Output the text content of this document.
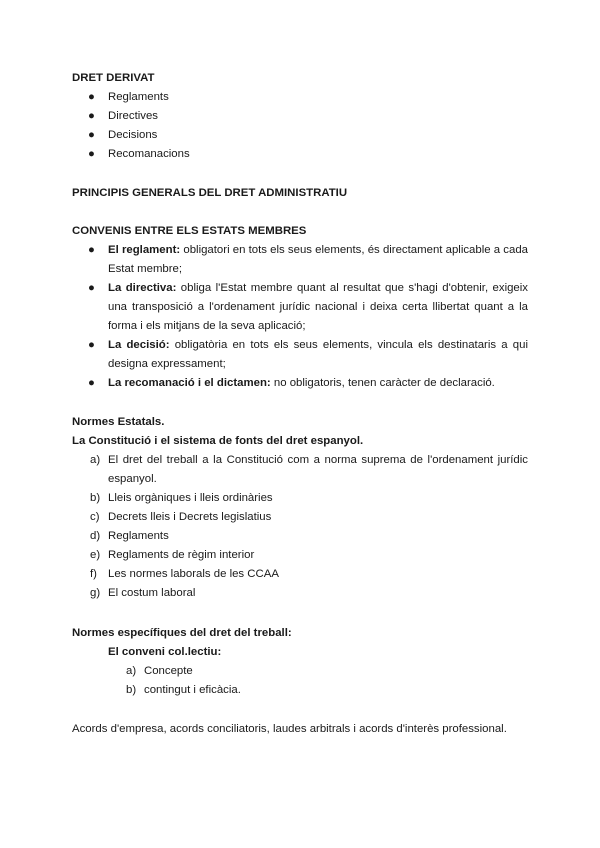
DRET DERIVAT
● Reglaments
● Directives
● Decisions
● Recomanacions
PRINCIPIS GENERALS DEL DRET ADMINISTRATIU
CONVENIS ENTRE ELS ESTATS MEMBRES
● El reglament: obligatori en tots els seus elements, és directament aplicable a cada Estat membre;
● La directiva: obliga l'Estat membre quant al resultat que s'hagi d'obtenir, exigeix una transposició a l'ordenament jurídic nacional i deixa certa llibertat quant a la forma i els mitjans de la seva aplicació;
● La decisió: obligatòria en tots els seus elements, vincula els destinataris a qui designa expressament;
● La recomanació i el dictamen: no obligatoris, tenen caràcter de declaració.
Normes Estatals.
La Constitució i el sistema de fonts del dret espanyol.
a) El dret del treball a la Constitució com a norma suprema de l'ordenament jurídic espanyol.
b) Lleis orgàniques i lleis ordinàries
c) Decrets lleis i Decrets legislatius
d) Reglaments
e) Reglaments de règim interior
f) Les normes laborals de les CCAA
g) El costum laboral
Normes específiques del dret del treball:
El conveni col.lectiu:
a) Concepte
b) contingut i eficàcia.

Acords d'empresa, acords conciliatoris, laudes arbitrals i acords d'interès professional.
